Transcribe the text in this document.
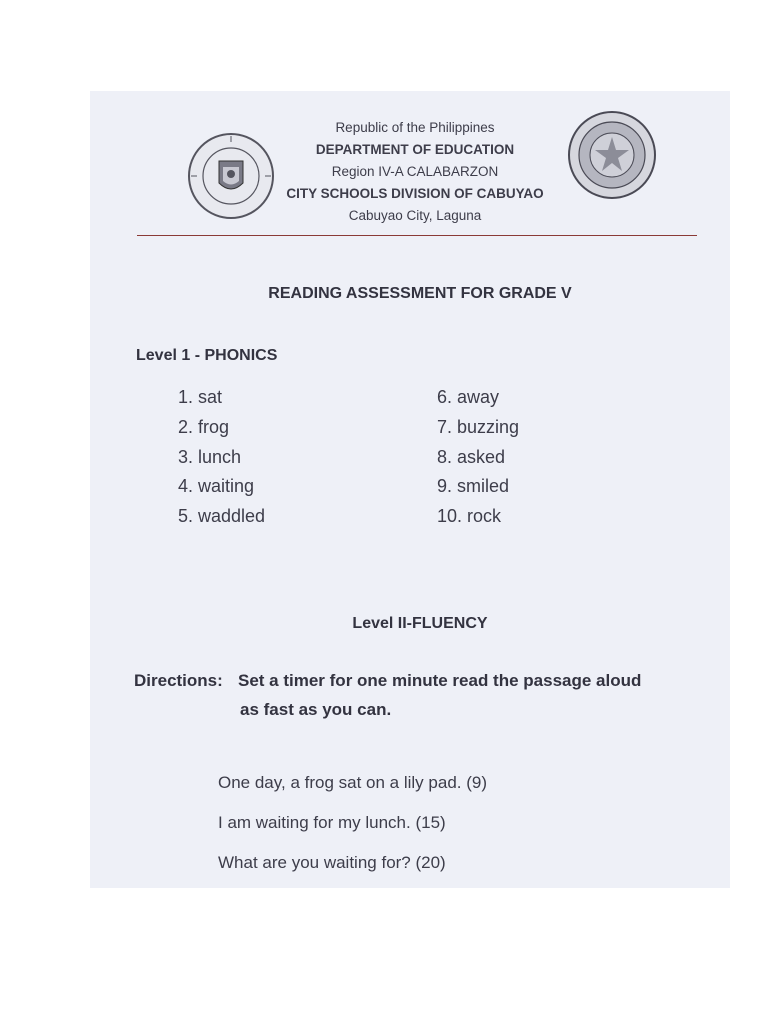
Republic of the Philippines
DEPARTMENT OF EDUCATION
Region IV-A CALABARZON
CITY SCHOOLS DIVISION OF CABUYAO
Cabuyao City, Laguna
READING ASSESSMENT FOR GRADE V
Level 1 - PHONICS
1. sat
2. frog
3. lunch
4. waiting
5. waddled
6. away
7. buzzing
8. asked
9. smiled
10. rock
Level II-FLUENCY
Directions: Set a timer for one minute read the passage aloud
as fast as you can.
One day, a frog sat on a lily pad. (9)
I am waiting for my lunch. (15)
What are you waiting for? (20)
